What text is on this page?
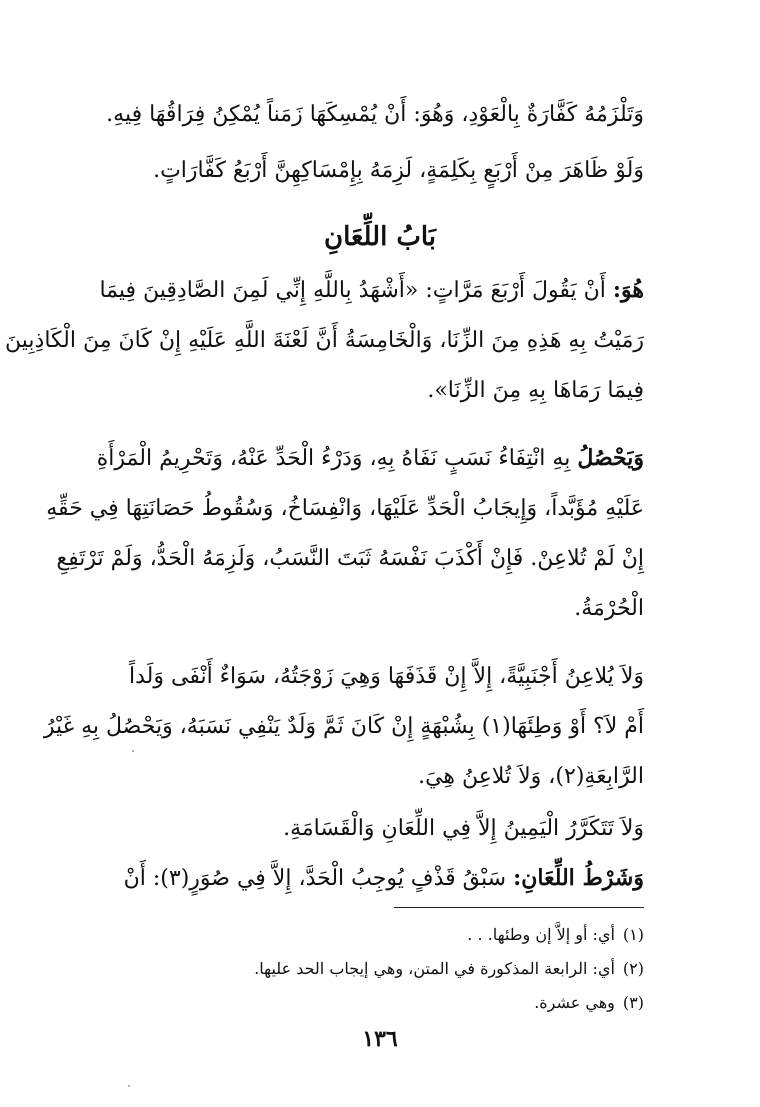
وَتَلْزَمُهُ كَفَّارَةٌ بِالْعَوْدِ، وَهُوَ: أَنْ يُمْسِكَهَا زَمَناً يُمْكِنُ فِرَاقُهَا فِيهِ.
وَلَوْ ظَاهَرَ مِنْ أَرْبَعٍ بِكَلِمَةٍ، لَزِمَهُ بِإِمْسَاكِهِنَّ أَرْبَعُ كَفَّارَاتٍ.
بَابُ اللِّعَانِ
هُوَ: أَنْ يَقُولَ أَرْبَعَ مَرَّاتٍ: «أَشْهَدُ بِاللَّهِ إِنِّي لَمِنَ الصَّادِقِينَ فِيمَا
رَمَيْتُ بِهِ هَذِهِ مِنَ الزِّنَا، وَالْخَامِسَةُ أَنَّ لَعْنَةَ اللَّهِ عَلَيْهِ إِنْ كَانَ مِنَ الْكَاذِبِينَ
فِيمَا رَمَاهَا بِهِ مِنَ الزِّنَا».
وَيَحْصُلُ بِهِ انْتِفَاءُ نَسَبٍ نَفَاهُ بِهِ، وَدَرْءُ الْحَدِّ عَنْهُ، وَتَحْرِيمُ الْمَرْأَةِ
عَلَيْهِ مُؤَبَّداً، وَإِيجَابُ الْحَدِّ عَلَيْهَا، وَانْفِسَاخُ، وَسُقُوطُ حَصَانَتِهَا فِي حَقِّهِ
إِنْ لَمْ تُلاعِنْ. فَإِنْ أَكْذَبَ نَفْسَهُ ثَبَتَ النَّسَبُ، وَلَزِمَهُ الْحَدُّ، وَلَمْ تَرْتَفِعِ
الْحُرْمَةُ.
وَلاَ يُلاعِنُ أَجْنَبِيَّةً، إِلاَّ إِنْ قَذَفَهَا وَهِيَ زَوْجَتُهُ، سَوَاءٌ أَنْفَى وَلَداً
أَمْ لاَ؟ أَوْ وَطِئَهَا(١) بِشُبْهَةٍ إِنْ كَانَ ثَمَّ وَلَدٌ يَنْفِي نَسَبَهُ، وَيَحْصُلُ بِهِ غَيْرُ
الرَّابِعَةِ(٢)، وَلاَ تُلاعِنُ هِيَ.
وَلاَ تَتَكَرَّرُ الْيَمِينُ إِلاَّ فِي اللِّعَانِ وَالْقَسَامَةِ.
وَشَرْطُ اللِّعَانِ: سَبْقُ قَذْفٍ يُوجِبُ الْحَدَّ، إِلاَّ فِي صُوَرٍ(٣): أَنْ
(١)أي: أو إلاَّ إن وطئها. . .
(٢)أي: الرابعة المذكورة في المتن، وهي إيجاب الحد عليها.
(٣)وهي عشرة.
١٣٦
